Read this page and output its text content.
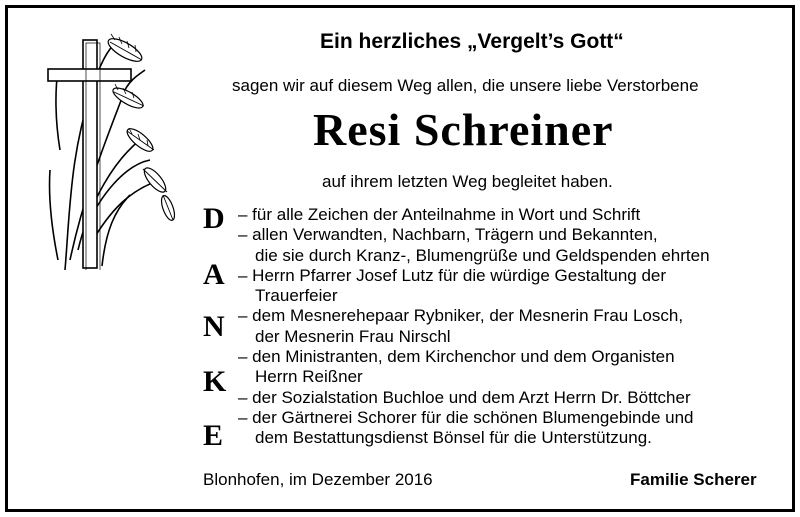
Ein herzliches „Vergelt’s Gott“
sagen wir auf diesem Weg allen, die unsere liebe Verstorbene
Resi Schreiner
auf ihrem letzten Weg begleitet haben.
D
A
N
K
E
– für alle Zeichen der Anteilnahme in Wort und Schrift
– allen Verwandten, Nachbarn, Trägern und Bekannten,
die sie durch Kranz-, Blumengrüße und Geldspenden ehrten
– Herrn Pfarrer Josef Lutz für die würdige Gestaltung der
Trauerfeier
– dem Mesnerehepaar Rybniker, der Mesnerin Frau Losch,
der Mesnerin Frau Nirschl
– den Ministranten, dem Kirchenchor und dem Organisten
Herrn Reißner
– der Sozialstation Buchloe und dem Arzt Herrn Dr. Böttcher
– der Gärtnerei Schorer für die schönen Blumengebinde und
dem Bestattungsdienst Bönsel für die Unterstützung.
Blonhofen, im Dezember 2016	Familie Scherer
